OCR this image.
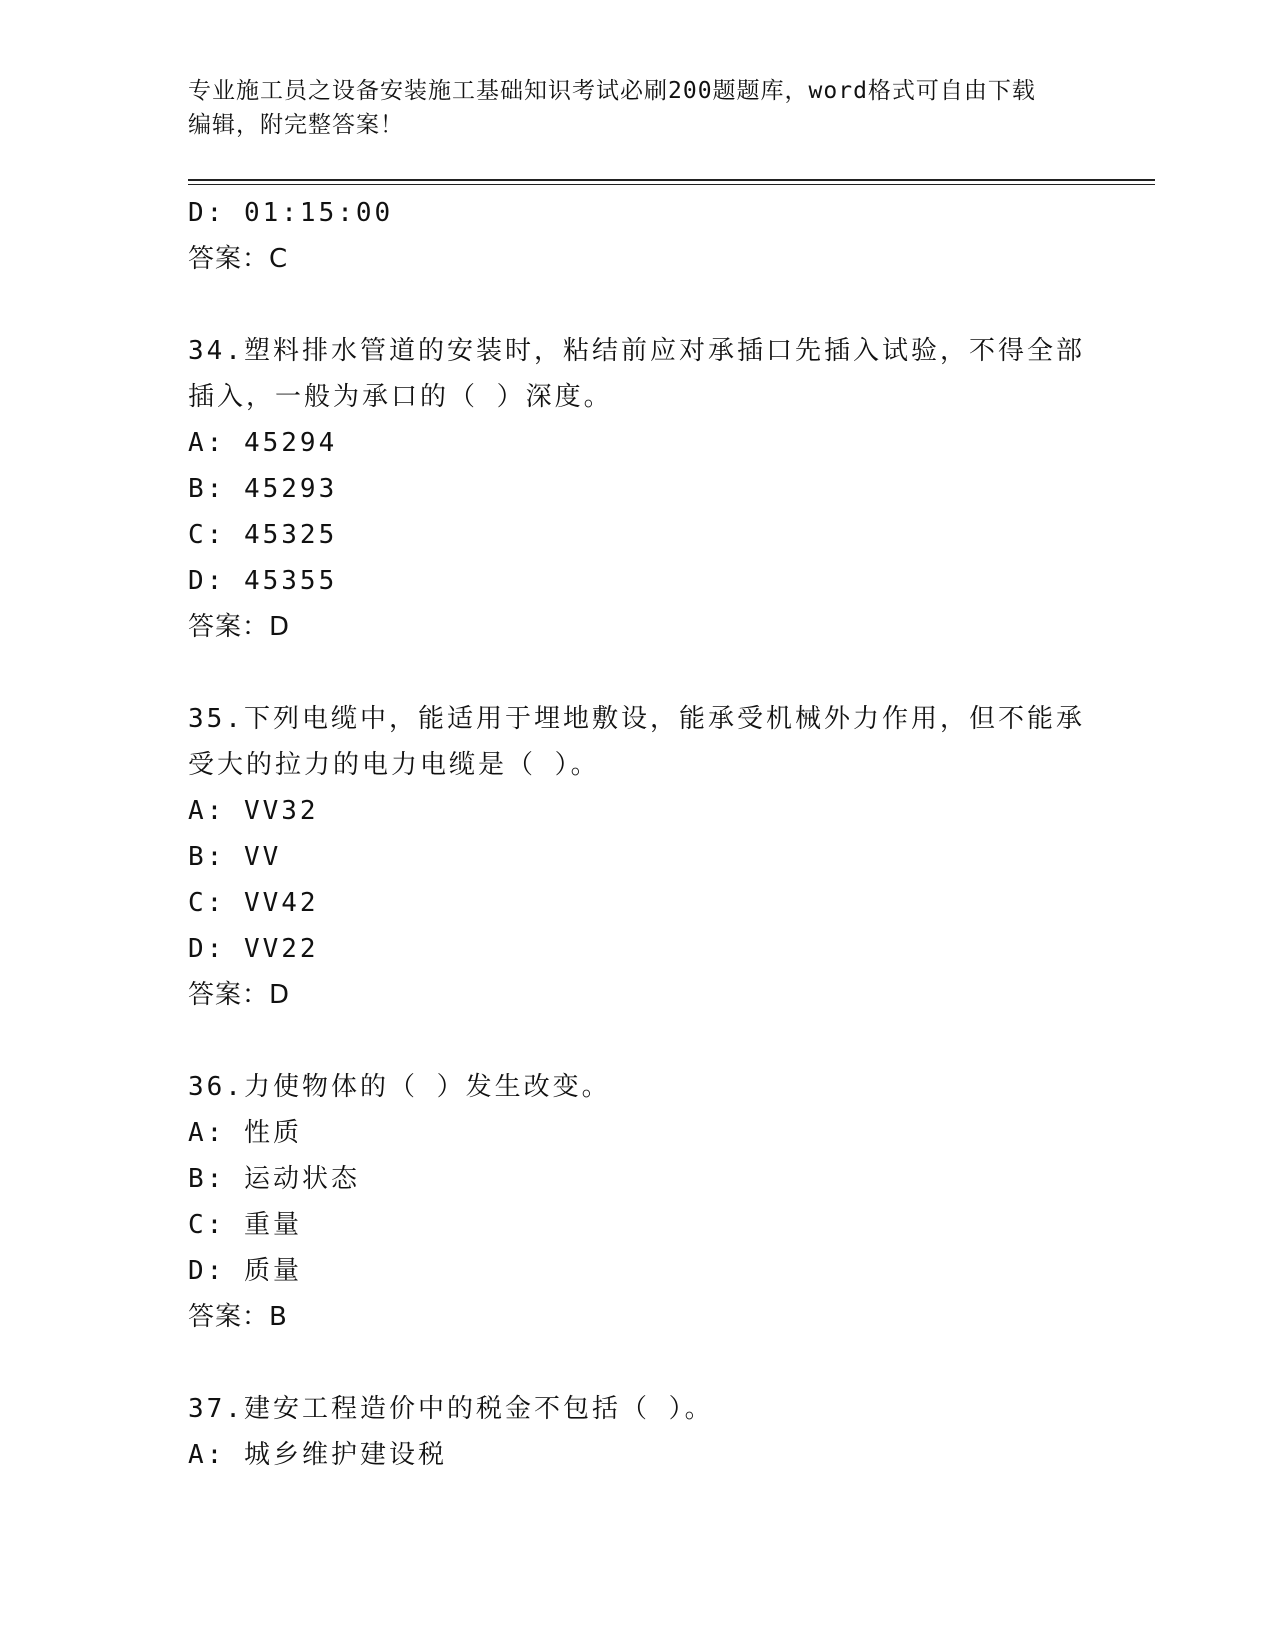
专业施工员之设备安装施工基础知识考试必刷200题题库，word格式可自由下载
编辑，附完整答案！
D: 01:15:00
答案：C
34.塑料排水管道的安装时，粘结前应对承插口先插入试验，不得全部
插入，一般为承口的（ ）深度。
A: 45294
B: 45293
C: 45325
D: 45355
答案：D
35.下列电缆中，能适用于埋地敷设，能承受机械外力作用，但不能承
受大的拉力的电力电缆是（ ）。
A: VV32
B: VV
C: VV42
D: VV22
答案：D
36.力使物体的（ ）发生改变。
A: 性质
B: 运动状态
C: 重量
D: 质量
答案：B
37.建安工程造价中的税金不包括（ ）。
A: 城乡维护建设税
